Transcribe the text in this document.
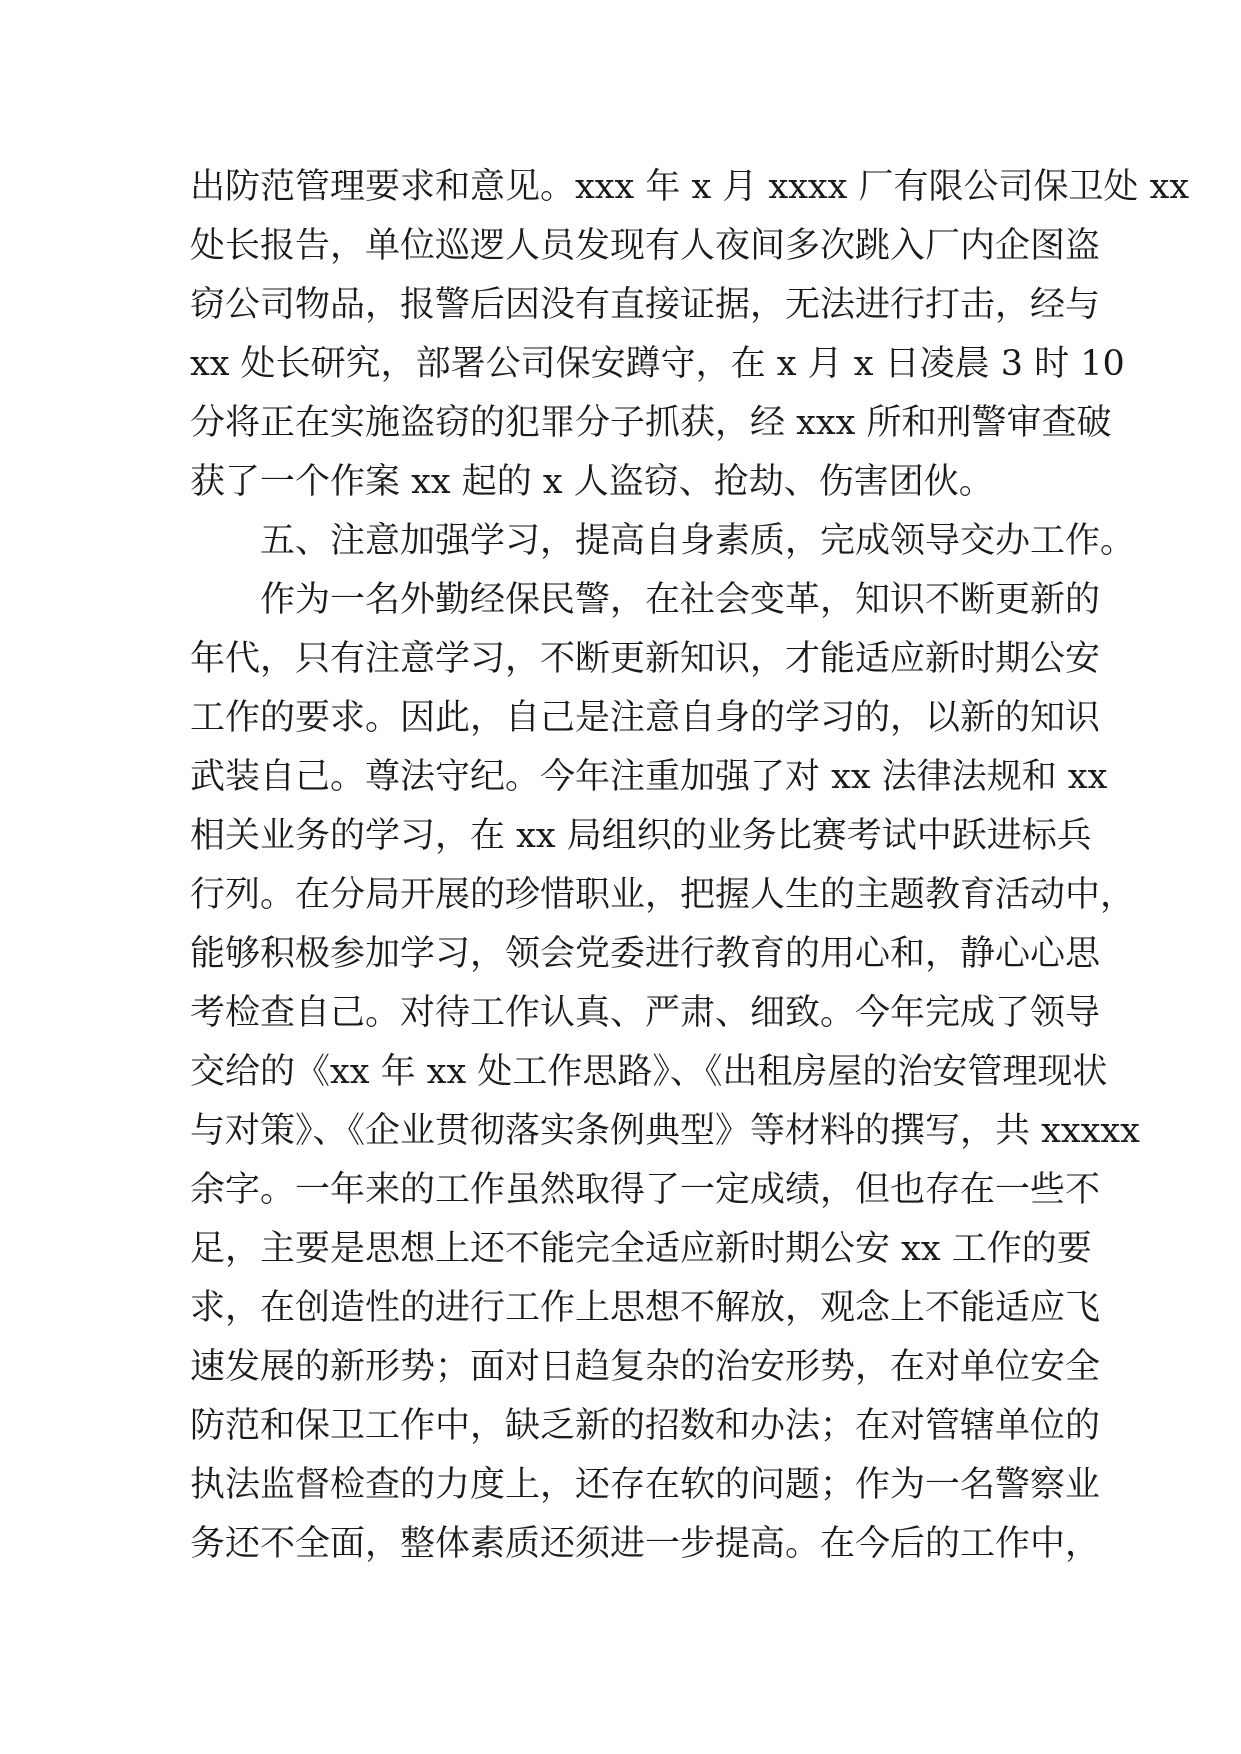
出防范管理要求和意见。xxx 年 x 月 xxxx 厂有限公司保卫处 xx
处长报告，单位巡逻人员发现有人夜间多次跳入厂内企图盗
窃公司物品，报警后因没有直接证据，无法进行打击，经与
xx 处长研究，部署公司保安蹲守，在 x 月 x 日凌晨 3 时 10
分将正在实施盗窃的犯罪分子抓获，经 xxx 所和刑警审查破
获了一个作案 xx 起的 x 人盗窃、抢劫、伤害团伙。
五、注意加强学习，提高自身素质，完成领导交办工作。
作为一名外勤经保民警，在社会变革，知识不断更新的
年代，只有注意学习，不断更新知识，才能适应新时期公安
工作的要求。因此，自己是注意自身的学习的，以新的知识
武装自己。尊法守纪。今年注重加强了对 xx 法律法规和 xx
相关业务的学习，在 xx 局组织的业务比赛考试中跃进标兵
行列。在分局开展的珍惜职业，把握人生的主题教育活动中，
能够积极参加学习，领会党委进行教育的用心和，静心心思
考检查自己。对待工作认真、严肃、细致。今年完成了领导
交给的《xx 年 xx 处工作思路》、《出租房屋的治安管理现状
与对策》、《企业贯彻落实条例典型》等材料的撰写，共 xxxxx
余字。一年来的工作虽然取得了一定成绩，但也存在一些不
足，主要是思想上还不能完全适应新时期公安 xx 工作的要
求，在创造性的进行工作上思想不解放，观念上不能适应飞
速发展的新形势；面对日趋复杂的治安形势，在对单位安全
防范和保卫工作中，缺乏新的招数和办法；在对管辖单位的
执法监督检查的力度上，还存在软的问题；作为一名警察业
务还不全面，整体素质还须进一步提高。在今后的工作中，
